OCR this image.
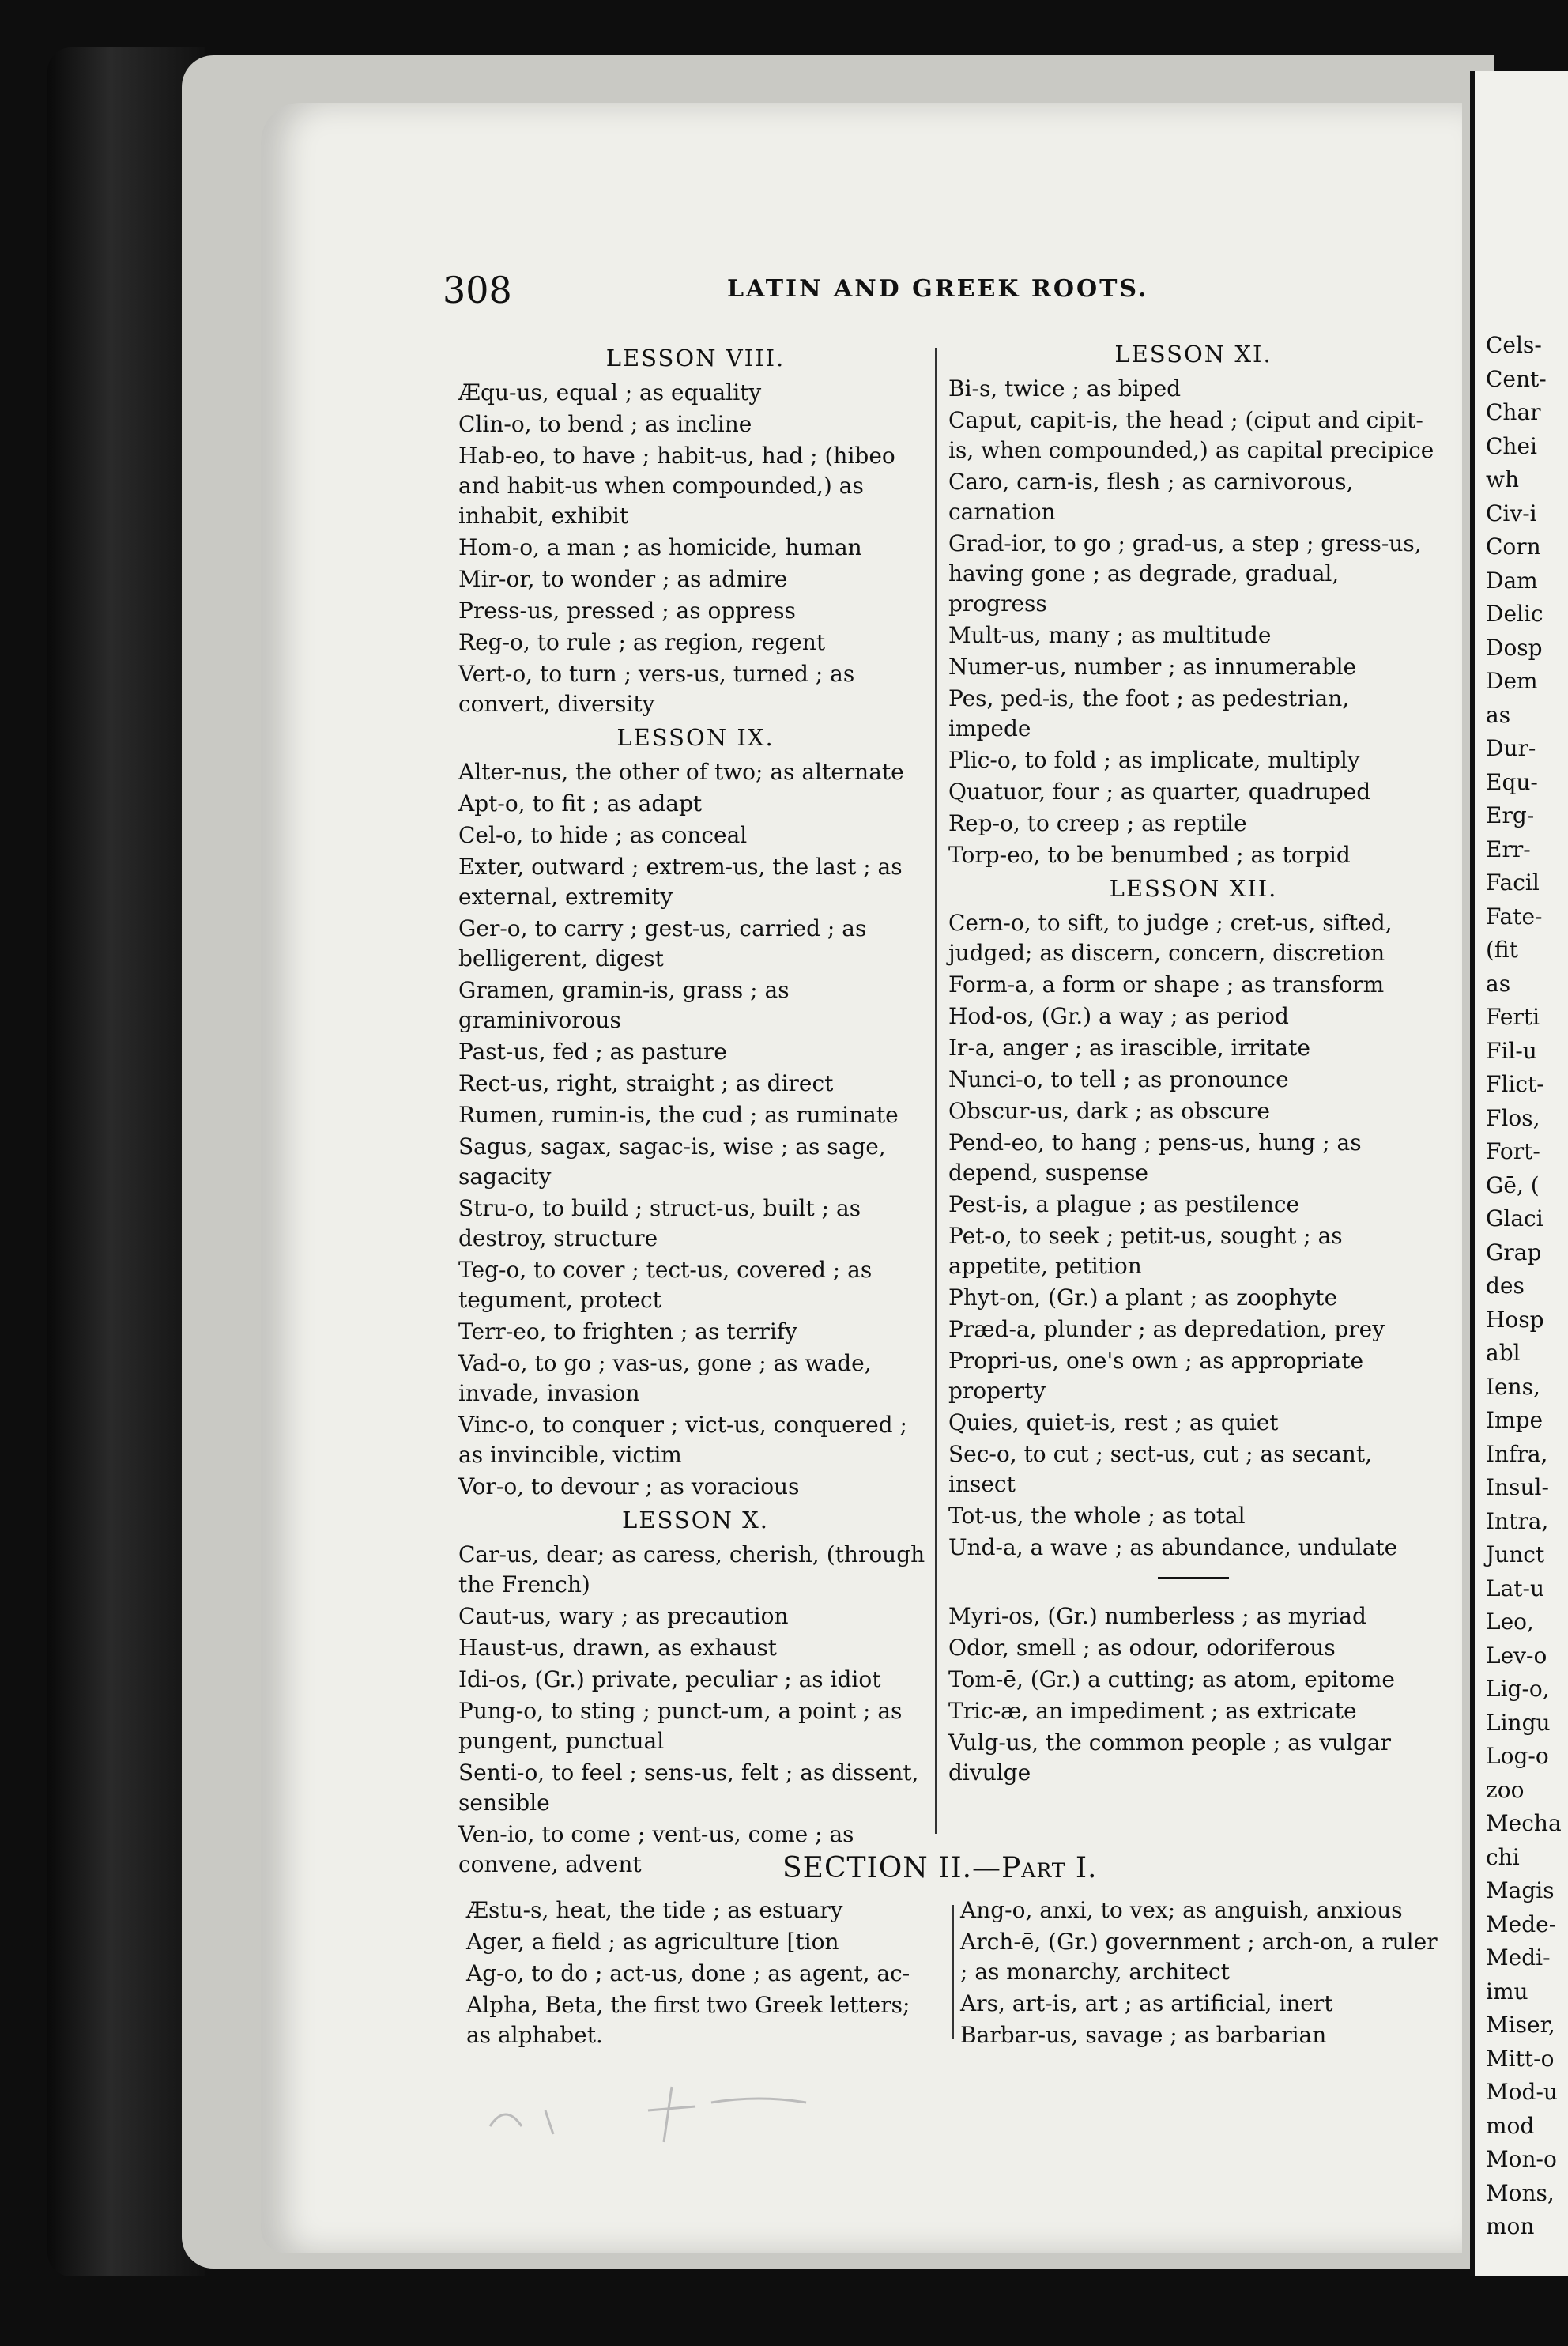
Cels-
Cent-
Char
Chei
wh
Civ-i
Corn
Dam
Delic
Dosp
Dem
as
Dur-
Equ-
Erg-
Err-
Facil
Fate-
(fit
as
Ferti
Fil-u
Flict-
Flos,
Fort-
Gē, (
Glaci
Grap
des
Hosp
abl
Iens,
Impe
Infra,
Insul-
Intra,
Junct
Lat-u
Leo,
Lev-o
Lig-o,
Lingu
Log-o
zoo
Mecha
chi
Magis
Mede-
Medi-
imu
Miser,
Mitt-o
Mod-u
mod
Mon-o
Mons,
mon
308	LATIN AND GREEK ROOTS.
LESSON VIII.
Æqu-us, equal ; as equality
Clin-o, to bend ; as incline
Hab-eo, to have ; habit-us, had ; (hibeo and habit-us when compounded,) as inhabit, exhibit
Hom-o, a man ; as homicide, human
Mir-or, to wonder ; as admire
Press-us, pressed ; as oppress
Reg-o, to rule ; as region, regent
Vert-o, to turn ; vers-us, turned ; as convert, diversity
LESSON IX.
Alter-nus, the other of two; as alternate
Apt-o, to fit ; as adapt
Cel-o, to hide ; as conceal
Exter, outward ; extrem-us, the last ; as external, extremity
Ger-o, to carry ; gest-us, carried ; as belligerent, digest
Gramen, gramin-is, grass ; as graminivorous
Past-us, fed ; as pasture
Rect-us, right, straight ; as direct
Rumen, rumin-is, the cud ; as ruminate
Sagus, sagax, sagac-is, wise ; as sage, sagacity
Stru-o, to build ; struct-us, built ; as destroy, structure
Teg-o, to cover ; tect-us, covered ; as tegument, protect
Terr-eo, to frighten ; as terrify
Vad-o, to go ; vas-us, gone ; as wade, invade, invasion
Vinc-o, to conquer ; vict-us, conquered ; as invincible, victim
Vor-o, to devour ; as voracious
LESSON X.
Car-us, dear; as caress, cherish, (through the French)
Caut-us, wary ; as precaution
Haust-us, drawn, as exhaust
Idi-os, (Gr.) private, peculiar ; as idiot
Pung-o, to sting ; punct-um, a point ; as pungent, punctual
Senti-o, to feel ; sens-us, felt ; as dissent, sensible
Ven-io, to come ; vent-us, come ; as convene, advent
LESSON XI.
Bi-s, twice ; as biped
Caput, capit-is, the head ; (ciput and cipit-is, when compounded,) as capital precipice
Caro, carn-is, flesh ; as carnivorous, carnation
Grad-ior, to go ; grad-us, a step ; gress-us, having gone ; as degrade, gradual, progress
Mult-us, many ; as multitude
Numer-us, number ; as innumerable
Pes, ped-is, the foot ; as pedestrian, impede
Plic-o, to fold ; as implicate, multiply
Quatuor, four ; as quarter, quadruped
Rep-o, to creep ; as reptile
Torp-eo, to be benumbed ; as torpid
LESSON XII.
Cern-o, to sift, to judge ; cret-us, sifted, judged; as discern, concern, discretion
Form-a, a form or shape ; as transform
Hod-os, (Gr.) a way ; as period
Ir-a, anger ; as irascible, irritate
Nunci-o, to tell ; as pronounce
Obscur-us, dark ; as obscure
Pend-eo, to hang ; pens-us, hung ; as depend, suspense
Pest-is, a plague ; as pestilence
Pet-o, to seek ; petit-us, sought ; as appetite, petition
Phyt-on, (Gr.) a plant ; as zoophyte
Præd-a, plunder ; as depredation, prey
Propri-us, one's own ; as appropriate property
Quies, quiet-is, rest ; as quiet
Sec-o, to cut ; sect-us, cut ; as secant, insect
Tot-us, the whole ; as total
Und-a, a wave ; as abundance, undulate
Myri-os, (Gr.) numberless ; as myriad
Odor, smell ; as odour, odoriferous
Tom-ē, (Gr.) a cutting; as atom, epitome
Tric-æ, an impediment ; as extricate
Vulg-us, the common people ; as vulgar divulge
SECTION II.—Part I.
Æstu-s, heat, the tide ; as estuary
Ager, a field ; as agriculture [tion
Ag-o, to do ; act-us, done ; as agent, ac-
Alpha, Beta, the first two Greek letters; as alphabet.
Ang-o, anxi, to vex; as anguish, anxious
Arch-ē, (Gr.) government ; arch-on, a ruler ; as monarchy, architect
Ars, art-is, art ; as artificial, inert
Barbar-us, savage ; as barbarian
